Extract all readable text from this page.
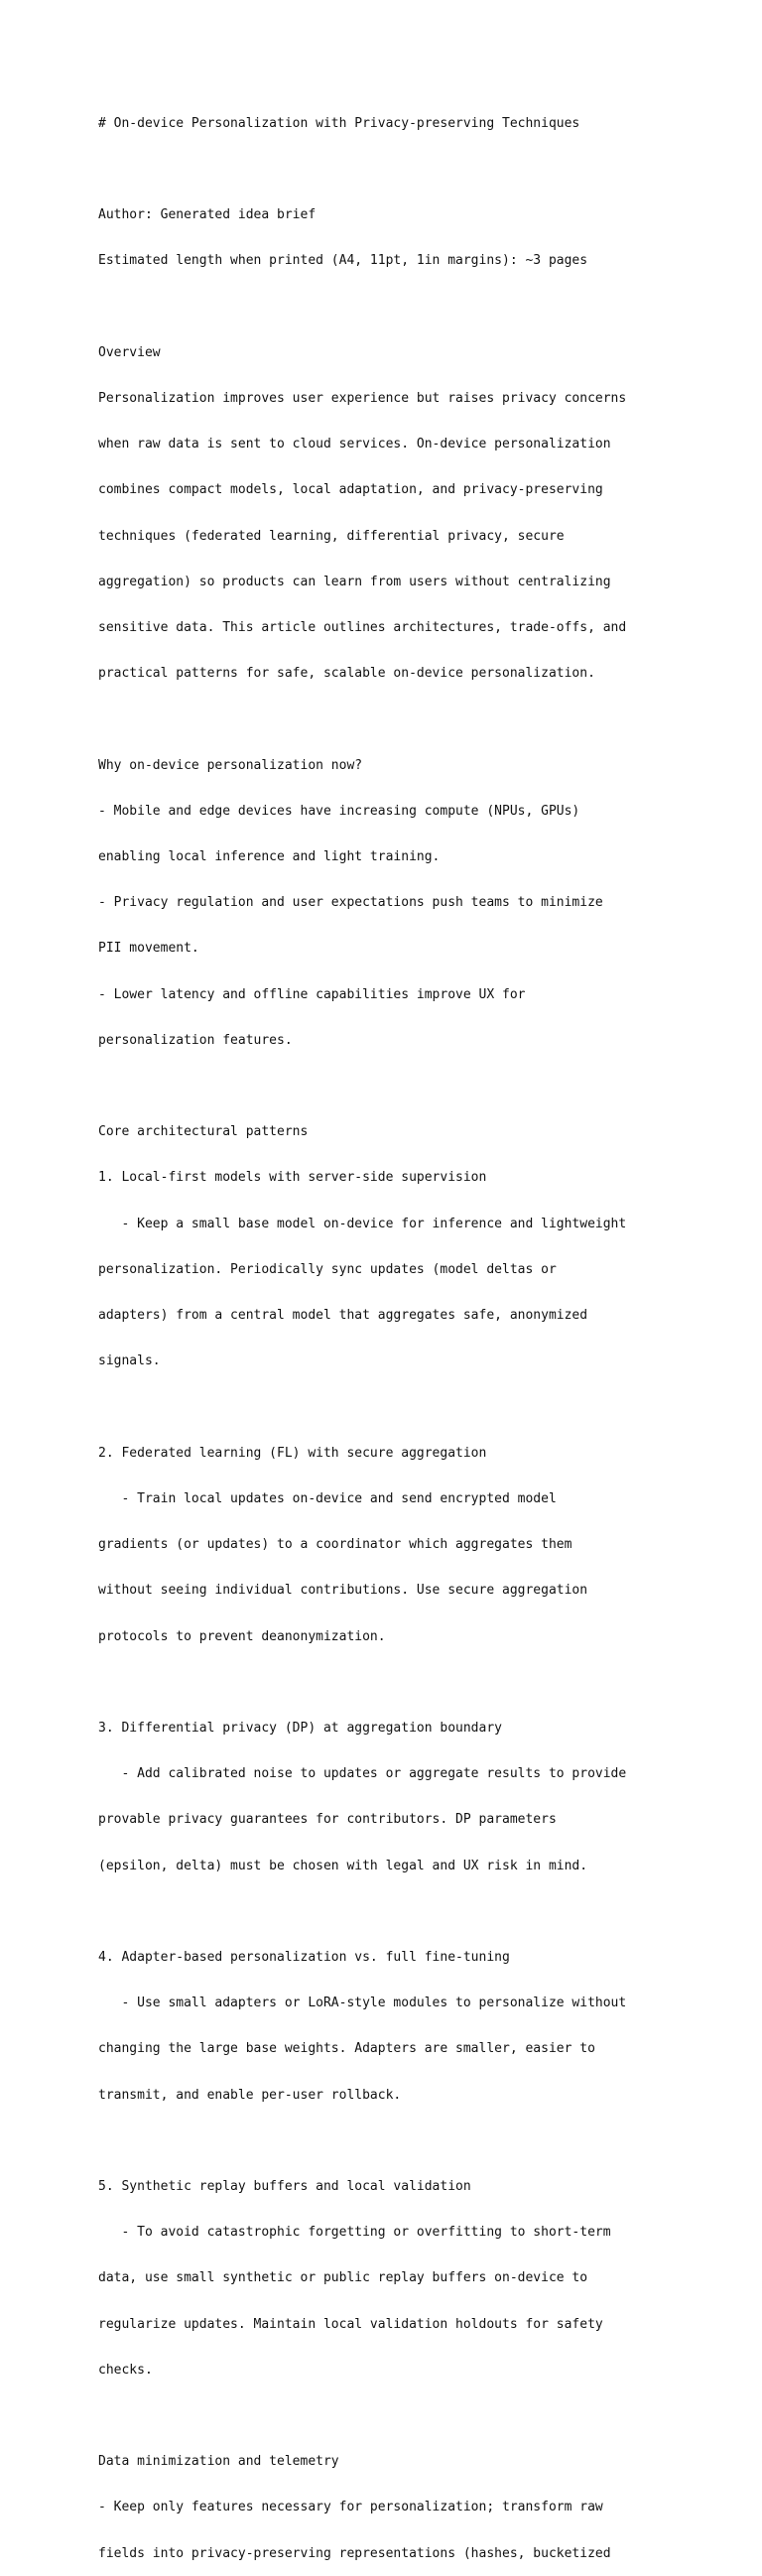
# On-device Personalization with Privacy-preserving Techniques

Author: Generated idea brief

Estimated length when printed (A4, 11pt, 1in margins): ~3 pages

Overview

Personalization improves user experience but raises privacy concerns

when raw data is sent to cloud services. On-device personalization

combines compact models, local adaptation, and privacy-preserving

techniques (federated learning, differential privacy, secure

aggregation) so products can learn from users without centralizing

sensitive data. This article outlines architectures, trade-offs, and

practical patterns for safe, scalable on-device personalization.

Why on-device personalization now?

- Mobile and edge devices have increasing compute (NPUs, GPUs)

enabling local inference and light training.

- Privacy regulation and user expectations push teams to minimize

PII movement.

- Lower latency and offline capabilities improve UX for

personalization features.

Core architectural patterns

1. Local-first models with server-side supervision

- Keep a small base model on-device for inference and lightweight

personalization. Periodically sync updates (model deltas or

adapters) from a central model that aggregates safe, anonymized

signals.

2. Federated learning (FL) with secure aggregation

- Train local updates on-device and send encrypted model

gradients (or updates) to a coordinator which aggregates them

without seeing individual contributions. Use secure aggregation

protocols to prevent deanonymization.

3. Differential privacy (DP) at aggregation boundary

- Add calibrated noise to updates or aggregate results to provide

provable privacy guarantees for contributors. DP parameters

(epsilon, delta) must be chosen with legal and UX risk in mind.

4. Adapter-based personalization vs. full fine-tuning

- Use small adapters or LoRA-style modules to personalize without

changing the large base weights. Adapters are smaller, easier to

transmit, and enable per-user rollback.

5. Synthetic replay buffers and local validation

- To avoid catastrophic forgetting or overfitting to short-term

data, use small synthetic or public replay buffers on-device to

regularize updates. Maintain local validation holdouts for safety

checks.

Data minimization and telemetry

- Keep only features necessary for personalization; transform raw

fields into privacy-preserving representations (hashes, bucketized
